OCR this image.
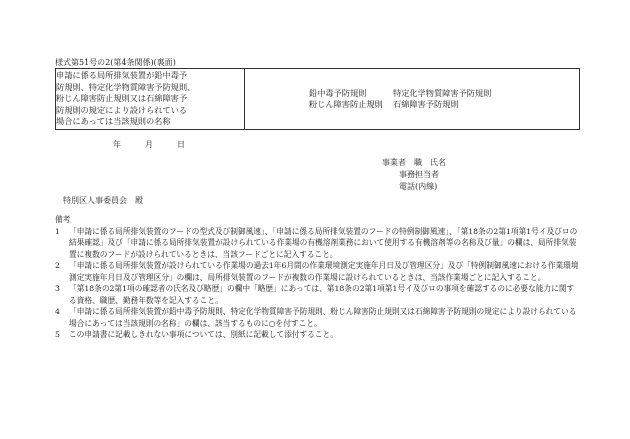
様式第51号の2(第4条関係)(裏面)
申請に係る局所排気装置が鉛中毒予
防規則、特定化学物質障害予防規則、
粉じん障害防止規則又は石綿障害予
防規則の規定により設けられている
場合にあっては当該規則の名称

鉛中毒予防規則	特定化学物質障害予防規則
粉じん障害防止規則	石綿障害予防規則
年　　　月　　　日
事業者　職　氏名
事務担当者
電話(内線)
特別区人事委員会　殿
備考
1	「申請に係る局所排気装置のフードの型式及び制御風速」、「申請に係る局所排気装置のフードの特例制御風速」、「第18条の2第1項第1号イ及びロの結果確認」及び「申請に係る局所排気装置が設けられている作業場の有機溶剤業務において使用する有機溶剤等の名称及び量」の欄は、局所排気装置に複数のフードが設けられているときは、当該フードごとに記入すること。
2	「申請に係る局所排気装置が設けられている作業場の過去1年6月間の作業環境測定実施年月日及び管理区分」及び「特例制御風速における作業環境測定実施年月日及び管理区分」の欄は、局所排気装置のフードが複数の作業場に設けられているときは、当該作業場ごとに記入すること。
3	「第18条の2第1項の確認者の氏名及び略歴」の欄中「略歴」にあっては、第18条の2第1項第1号イ及びロの事項を確認するのに必要な能力に関する資格、職歴、勤務年数等を記入すること。
4	「申請に係る局所排気装置が鉛中毒予防規則、特定化学物質障害予防規則、粉じん障害防止規則又は石綿障害予防規則の規定により設けられている場合にあっては当該規則の名称」の欄は、該当するものに○を付すこと。
5	この申請書に記載しきれない事項については、別紙に記載して添付すること。
